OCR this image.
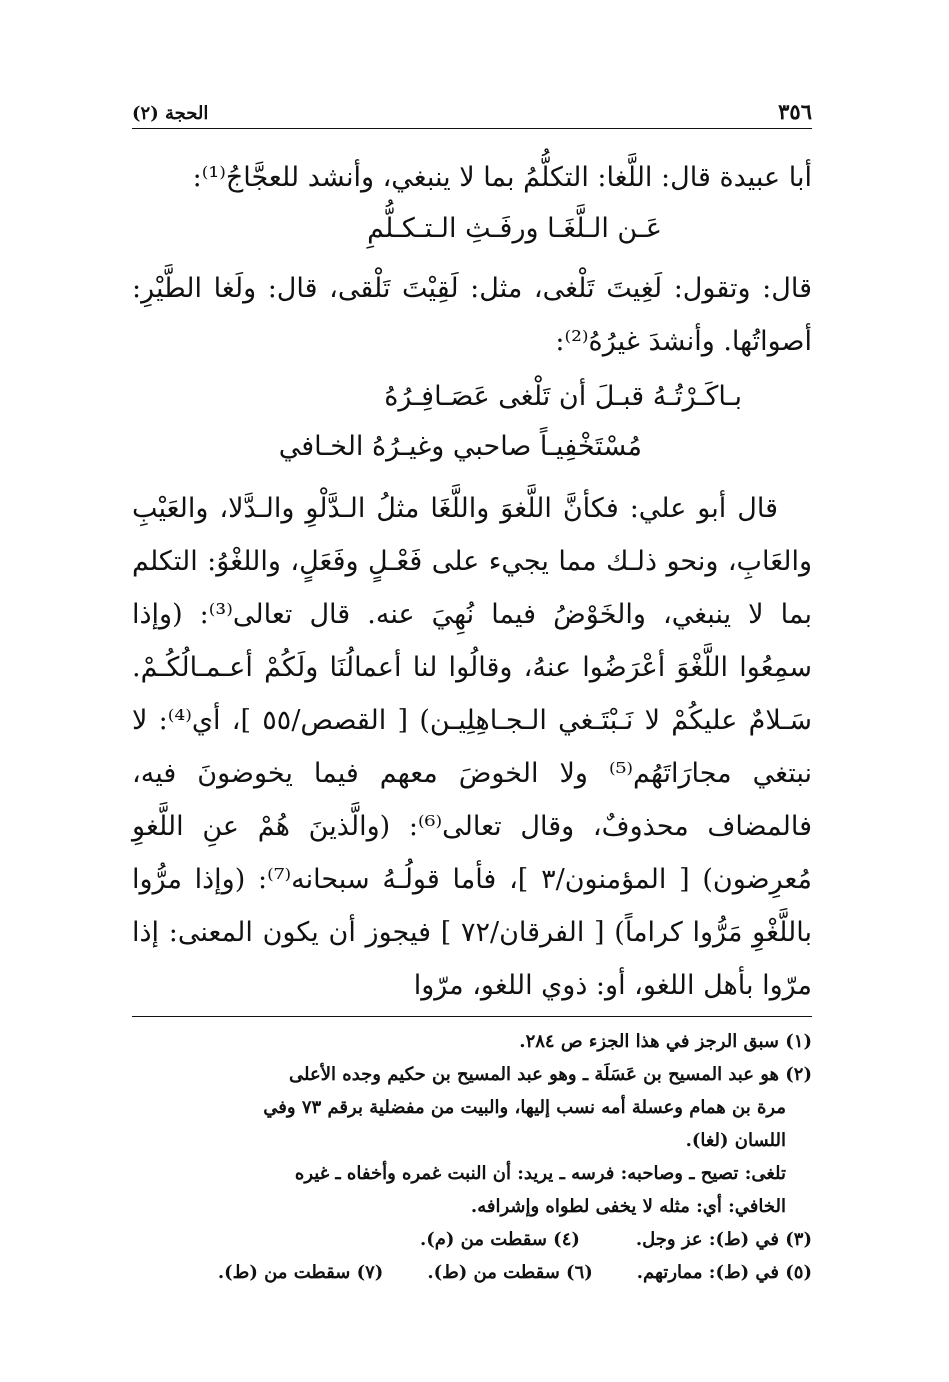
٣٥٦
الحجة (٢)

أبا عبيدة قال: اللَّغا: التكلُّمُ بما لا ينبغي، وأنشد للعجَّاجُ⁽¹⁾:

عَـن الـلَّغَـا ورفَـثِ الـتـكـلُّمِ

قال: وتقول: لَغِيتَ تَلْغى، مثل: لَقِيْتَ تَلْقى، قال: ولَغا الطَّيْرِ: أصواتُها. وأنشدَ غيرُهُ⁽²⁾:

بـاكَـرْتُـهُ قبـلَ أن تَلْغى عَصَـافِـرُهُ

مُسْتَخْفِيـاً صاحبي وغيـرُهُ الخـافي

قال أبو علي: فكأنَّ اللَّغوَ واللَّغَا مثلُ الـدَّلْوِ والـدَّلا، والعَيْبِ والعَابِ، ونحو ذلـك مما يجيء على فَعْـلٍ وفَعَلٍ، واللغْوُ: التكلم بما لا ينبغي، والخَوْضُ فيما نُهِيَ عنه. قال تعالى⁽³⁾: (وإذا سمِعُوا اللَّغْوَ أعْرَضُوا عنهُ، وقالُوا لنا أعمالُنَا ولَكُمْ أعـمـالُكُـمْ. سَـلامٌ عليكُمْ لا نَـبْتَـغي الـجـاهِلِيـن) [ القصص/٥٥ ]، أي⁽⁴⁾: لا نبتغي مجارَاتَهُم⁽⁵⁾ ولا الخوضَ معهم فيما يخوضونَ فيه، فالمضاف محذوفٌ، وقال تعالى⁽⁶⁾: (والَّذينَ هُمْ عنِ اللَّغوِ مُعرِضون) [ المؤمنون/٣ ]، فأما قولُـهُ سبحانه⁽⁷⁾: (وإذا مرُّوا باللَّغْوِ مَرُّوا كراماً) [ الفرقان/٧٢ ] فيجوز أن يكون المعنى: إذا مرّوا بأهل اللغو، أو: ذوي اللغو، مرّوا

(١) سبق الرجز في هذا الجزء ص ٢٨٤.

(٢) هو عبد المسيح بن عَسَلَة ـ وهو عبد المسيح بن حكيم وجده الأعلى

مرة بن همام وعسلة أمه نسب إليها، والبيت من مفضلية برقم ٧٣ وفي

اللسان (لغا).

تلغى: تصيح ـ وصاحبه: فرسه ـ يريد: أن النبت غمره وأخفاه ـ غيره

الخافي: أي: مثله لا يخفى لطواه وإشرافه.

(٣) في (ط): عز وجل.
(٤) سقطت من (م).
(٥) في (ط): ممارتهم.
(٦) سقطت من (ط).
(٧) سقطت من (ط).
